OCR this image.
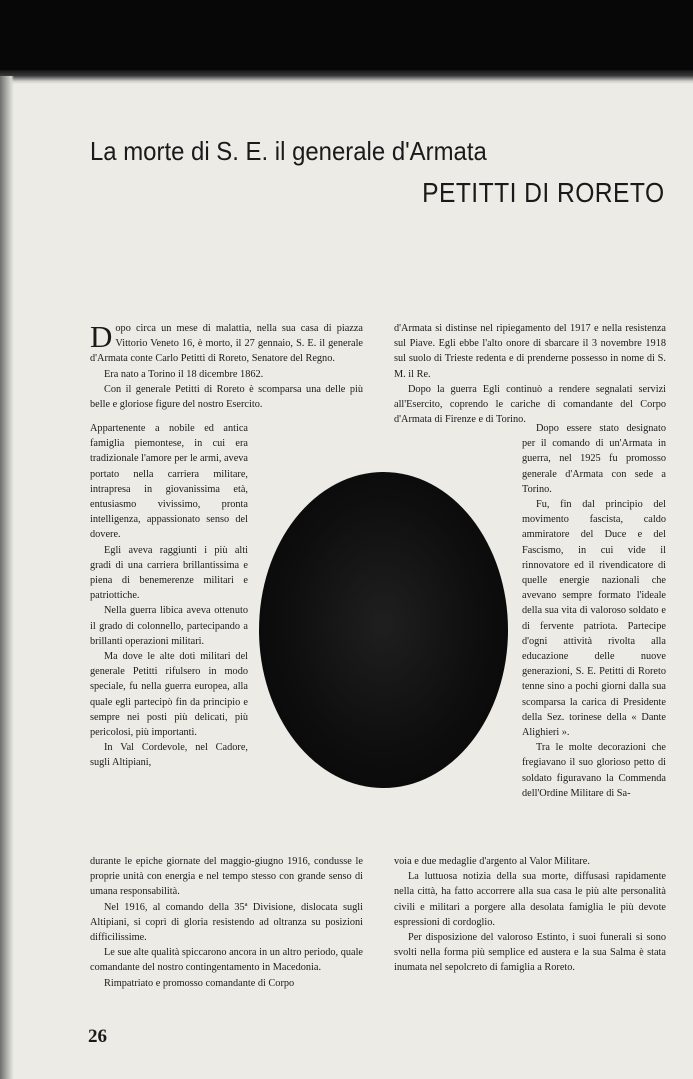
La morte di S. E. il generale d'Armata
PETITTI DI RORETO

Dopo circa un mese di malattia, nella sua casa di piazza Vittorio Veneto 16, è morto, il 27 gennaio, S. E. il generale d'Armata conte Carlo Petitti di Roreto, Senatore del Regno.

Era nato a Torino il 18 dicembre 1862.

Con il generale Petitti di Roreto è scomparsa una delle più belle e gloriose figure del nostro Esercito.

Appartenente a nobile ed antica famiglia piemontese, in cui era tradizionale l'amore per le armi, aveva portato nella carriera militare, intrapresa in giovanissima età, entusiasmo vivissimo, pronta intelligenza, appassionato senso del dovere.

Egli aveva raggiunti i più alti gradi di una carriera brillantissima e piena di benemerenze militari e patriottiche.

Nella guerra libica aveva ottenuto il grado di colonnello, partecipando a brillanti operazioni militari.

Ma dove le alte doti militari del generale Petitti rifulsero in modo speciale, fu nella guerra europea, alla quale egli partecipò fin da principio e sempre nei posti più delicati, più pericolosi, più importanti.

In Val Cordevole, nel Cadore, sugli Altipiani,

durante le epiche giornate del maggio-giugno 1916, condusse le proprie unità con energia e nel tempo stesso con grande senso di umana responsabilità.

Nel 1916, al comando della 35ª Divisione, dislocata sugli Altipiani, si coprì di gloria resistendo ad oltranza su posizioni difficilissime.

Le sue alte qualità spiccarono ancora in un altro periodo, quale comandante del nostro contingentamento in Macedonia.

Rimpatriato e promosso comandante di Corpo

d'Armata si distinse nel ripiegamento del 1917 e nella resistenza sul Piave. Egli ebbe l'alto onore di sbarcare il 3 novembre 1918 sul suolo di Trieste redenta e di prenderne possesso in nome di S. M. il Re.

Dopo la guerra Egli continuò a rendere segnalati servizi all'Esercito, coprendo le cariche di comandante del Corpo d'Armata di Firenze e di Torino.

Dopo essere stato designato per il comando di un'Armata in guerra, nel 1925 fu promosso generale d'Armata con sede a Torino.

Fu, fin dal principio del movimento fascista, caldo ammiratore del Duce e del Fascismo, in cui vide il rinnovatore ed il rivendicatore di quelle energie nazionali che avevano sempre formato l'ideale della sua vita di valoroso soldato e di fervente patriota. Partecipe d'ogni attività rivolta alla educazione delle nuove generazioni, S. E. Petitti di Roreto tenne sino a pochi giorni dalla sua scomparsa la carica di Presidente della Sez. torinese della « Dante Alighieri ».

Tra le molte decorazioni che fregiavano il suo glorioso petto di soldato figuravano la Commenda dell'Ordine Militare di Sa-

voia e due medaglie d'argento al Valor Militare.

La luttuosa notizia della sua morte, diffusasi rapidamente nella città, ha fatto accorrere alla sua casa le più alte personalità civili e militari a porgere alla desolata famiglia le più devote espressioni di cordoglio.

Per disposizione del valoroso Estinto, i suoi funerali si sono svolti nella forma più semplice ed austera e la sua Salma è stata inumata nel sepolcreto di famiglia a Roreto.

26
